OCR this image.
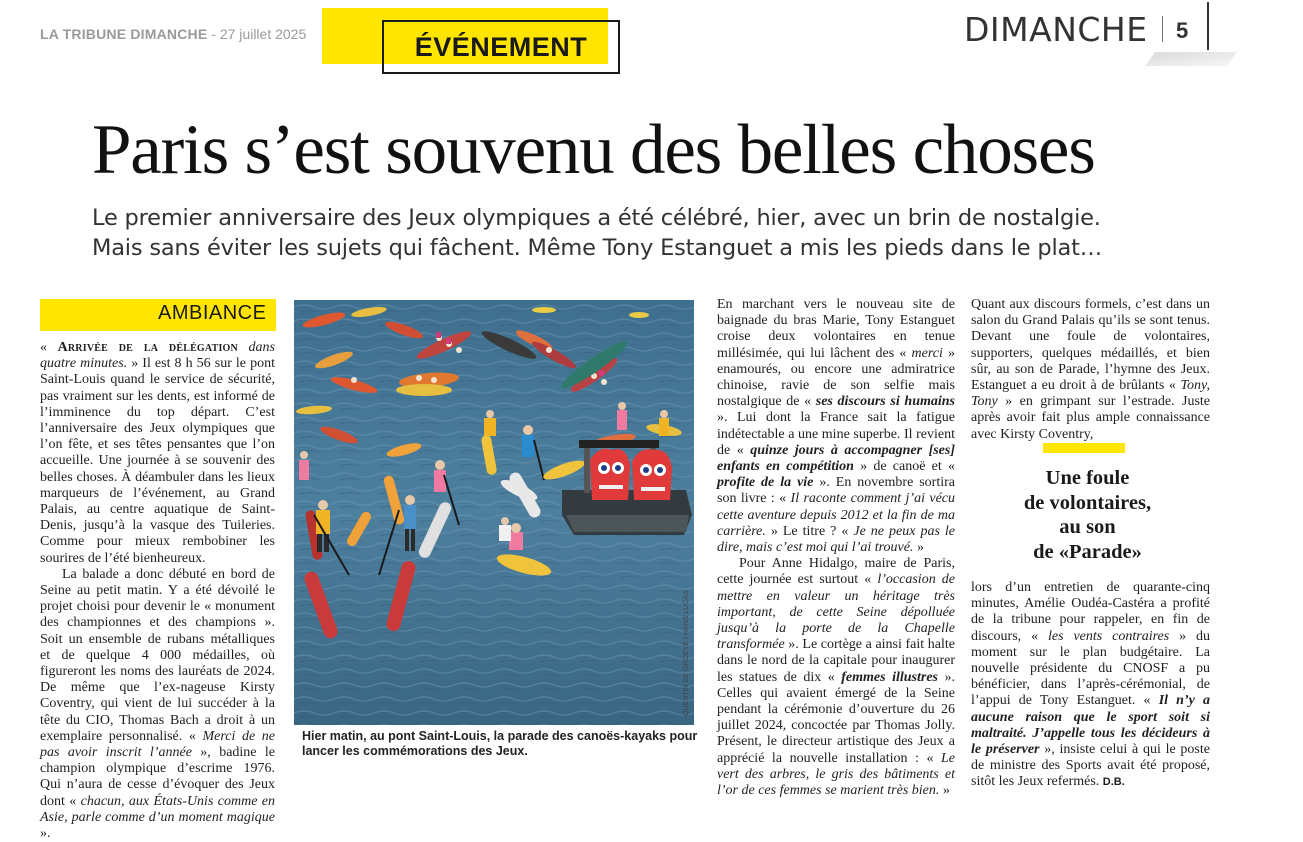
LA TRIBUNE DIMANCHE - 27 juillet 2025	ÉVÉNEMENT	DIMANCHE 5
Paris s’est souvenu des belles choses
Le premier anniversaire des Jeux olympiques a été célébré, hier, avec un brin de nostalgie.
Mais sans éviter les sujets qui fâchent. Même Tony Estanguet a mis les pieds dans le plat…
AMBIANCE

« Arrivée de la délégation dans quatre minutes. » Il est 8 h 56 sur le pont Saint-Louis quand le service de sécurité, pas vraiment sur les dents, est informé de l’imminence du top départ. C’est l’anniversaire des Jeux olympiques que l’on fête, et ses têtes pensantes que l’on accueille. Une journée à se souvenir des belles choses. À déambuler dans les lieux marqueurs de l’événement, au Grand Palais, au centre aquatique de Saint-Denis, jusqu’à la vasque des Tuileries. Comme pour mieux rembobiner les sourires de l’été bienheureux.

La balade a donc débuté en bord de Seine au petit matin. Y a été dévoilé le projet choisi pour devenir le « monument des championnes et des champions ». Soit un ensemble de rubans métalliques et de quelque 4 000 médailles, où figureront les noms des lauréats de 2024. De même que l’ex-nageuse Kirsty Coventry, qui vient de lui succéder à la tête du CIO, Thomas Bach a droit à un exemplaire personnalisé. « Merci de ne pas avoir inscrit l’année », badine le champion olympique d’escrime 1976. Qui n’aura de cesse d’évoquer des Jeux dont « chacun, aux États-Unis comme en Asie, parle comme d’un moment magique ».

QUENTIN DE GROEVE / HANS LUCAS
Hier matin, au pont Saint-Louis, la parade des canoës-kayaks pour lancer les commémorations des Jeux.

En marchant vers le nouveau site de baignade du bras Marie, Tony Estanguet croise deux volontaires en tenue millésimée, qui lui lâchent des « merci » enamourés, ou encore une admiratrice chinoise, ravie de son selfie mais nostalgique de « ses discours si humains ». Lui dont la France sait la fatigue indétectable a une mine superbe. Il revient de « quinze jours à accompagner [ses] enfants en compétition » de canoë et « profite de la vie ». En novembre sortira son livre : « Il raconte comment j’ai vécu cette aventure depuis 2012 et la fin de ma carrière. » Le titre ? « Je ne peux pas le dire, mais c’est moi qui l’ai trouvé. »

Pour Anne Hidalgo, maire de Paris, cette journée est surtout « l’occasion de mettre en valeur un héritage très important, de cette Seine dépolluée jusqu’à la porte de la Chapelle transformée ». Le cortège a ainsi fait halte dans le nord de la capitale pour inaugurer les statues de dix « femmes illustres ». Celles qui avaient émergé de la Seine pendant la cérémonie d’ouverture du 26 juillet 2024, concoctée par Thomas Jolly. Présent, le directeur artistique des Jeux a apprécié la nouvelle installation : « Le vert des arbres, le gris des bâtiments et l’or de ces femmes se marient très bien. »

Quant aux discours formels, c’est dans un salon du Grand Palais qu’ils se sont tenus. Devant une foule de volontaires, supporters, quelques médaillés, et bien sûr, au son de Parade, l’hymne des Jeux. Estanguet a eu droit à de brûlants « Tony, Tony » en grimpant sur l’estrade. Juste après avoir fait plus ample connaissance avec Kirsty Coventry,

Une foule
de volontaires,
au son
de «Parade»

lors d’un entretien de quarante-cinq minutes, Amélie Oudéa-Castéra a profité de la tribune pour rappeler, en fin de discours, « les vents contraires » du moment sur le plan budgétaire. La nouvelle présidente du CNOSF a pu bénéficier, dans l’après-cérémonial, de l’appui de Tony Estanguet. « Il n’y a aucune raison que le sport soit si maltraité. J’appelle tous les décideurs à le préserver », insiste celui à qui le poste de ministre des Sports avait été proposé, sitôt les Jeux refermés. D.B.
